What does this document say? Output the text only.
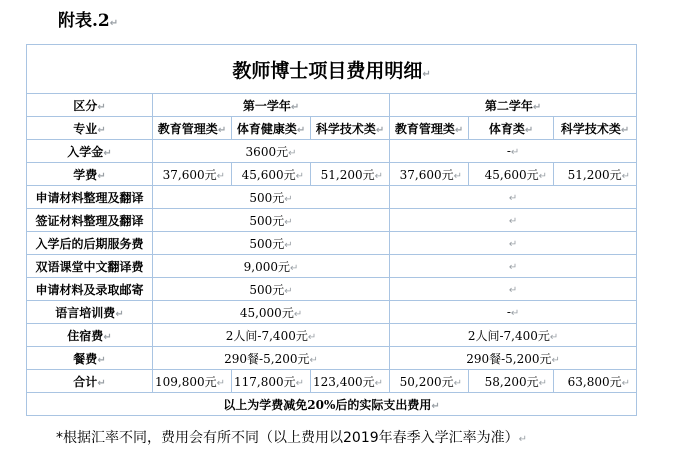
附表.2↵
教师博士项目费用明细↵						
区分↵	第一学年↵			第二学年↵		
专业↵	教育管理类↵	体育健康类↵	科学技术类↵	教育管理类↵	体育类↵	科学技术类↵
入学金↵	3600元↵			-↵		
学费↵	37,600元↵	45,600元↵	51,200元↵	37,600元↵	45,600元↵	51,200元↵
申请材料整理及翻译	500元↵			↵		
签证材料整理及翻译	500元↵			↵		
入学后的后期服务费	500元↵			↵		
双语课堂中文翻译费	9,000元↵			↵		
申请材料及录取邮寄	500元↵			↵		
语言培训费↵	45,000元↵			-↵		
住宿费↵	2人间-7,400元↵			2人间-7,400元↵		
餐费↵	290餐-5,200元↵			290餐-5,200元↵		
合计↵	109,800元↵	117,800元↵	123,400元↵	50,200元↵	58,200元↵	63,800元↵
以上为学费减免20%后的实际支出费用↵						
*根据汇率不同，费用会有所不同（以上费用以2019年春季入学汇率为准）↵
